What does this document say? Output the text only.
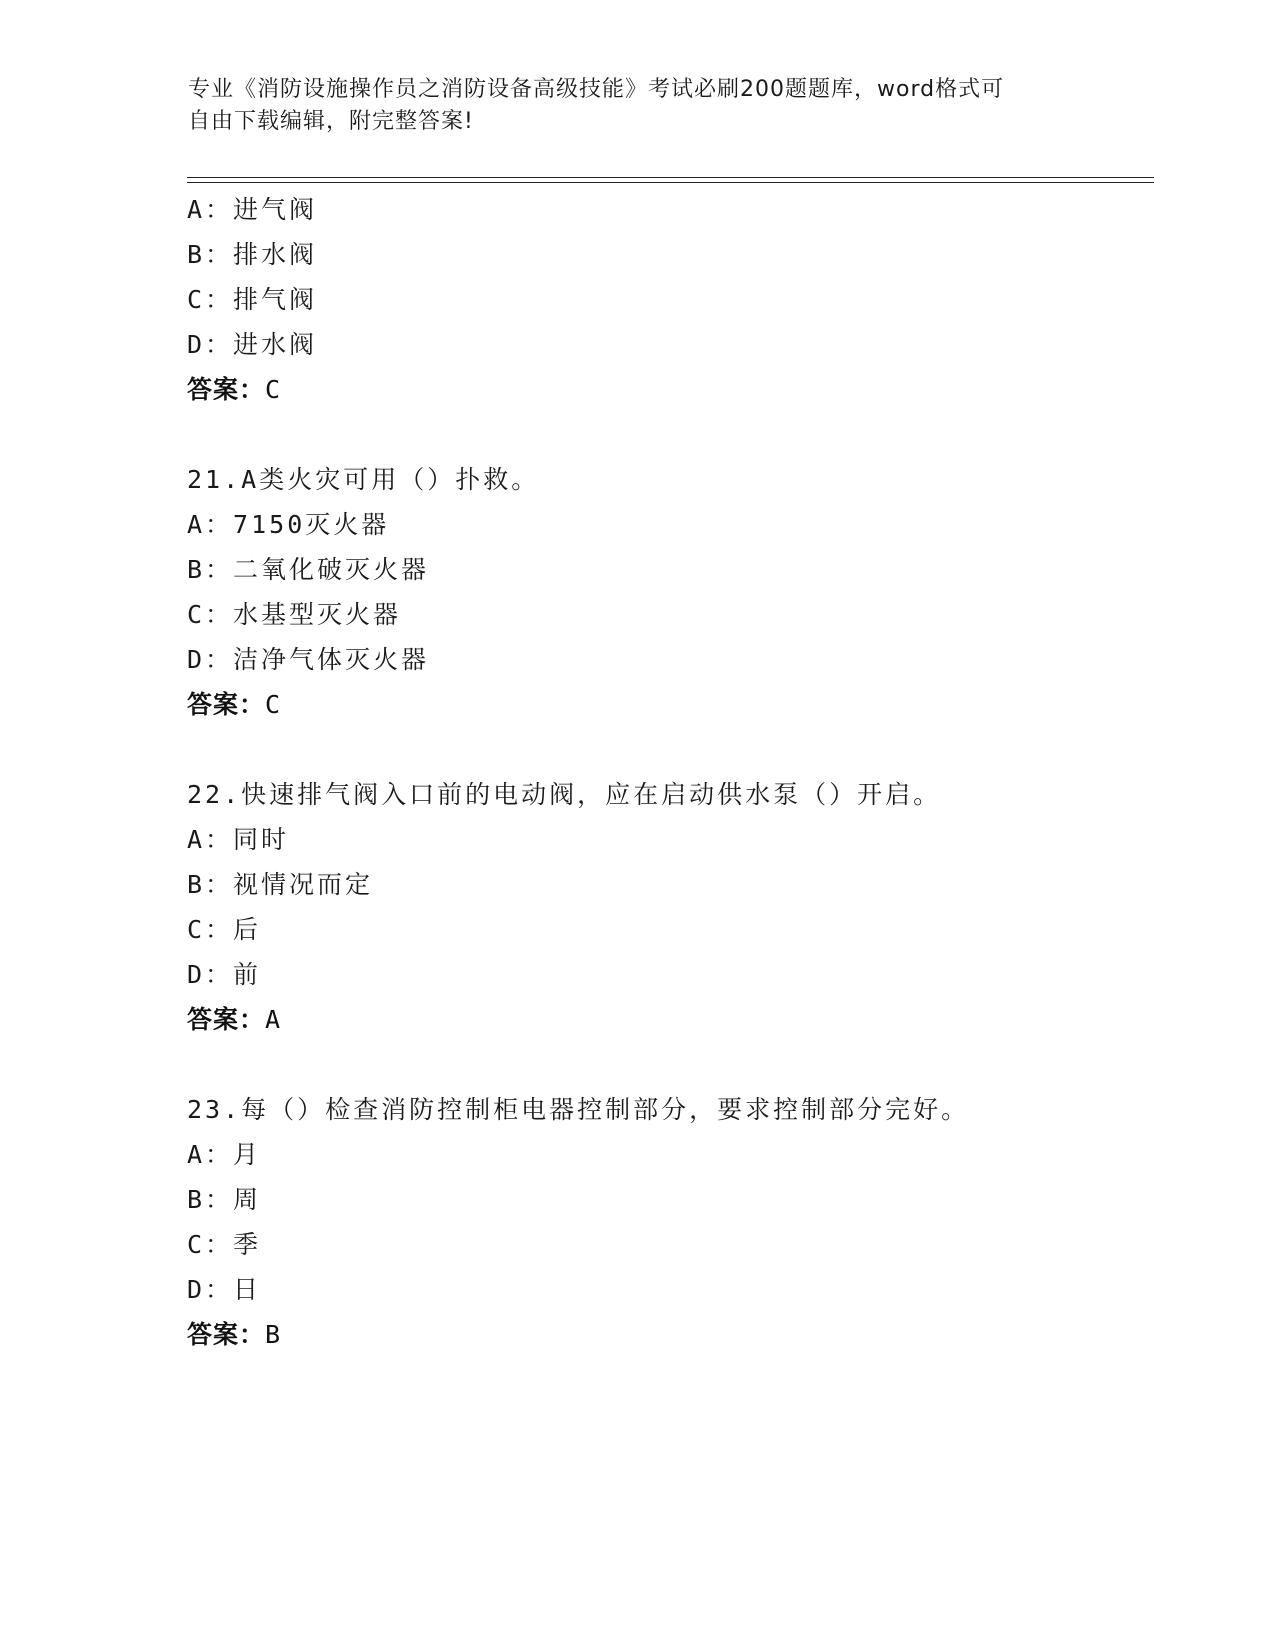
专业《消防设施操作员之消防设备高级技能》考试必刷200题题库，word格式可
自由下载编辑，附完整答案!
A：进气阀
B：排水阀
C：排气阀
D：进水阀
答案：C
21.A类火灾可用（）扑救。
A：7150灭火器
B：二氧化破灭火器
C：水基型灭火器
D：洁净气体灭火器
答案：C
22.快速排气阀入口前的电动阀，应在启动供水泵（）开启。
A：同时
B：视情况而定
C：后
D：前
答案：A
23.每（）检查消防控制柜电器控制部分，要求控制部分完好。
A：月
B：周
C：季
D：日
答案：B
